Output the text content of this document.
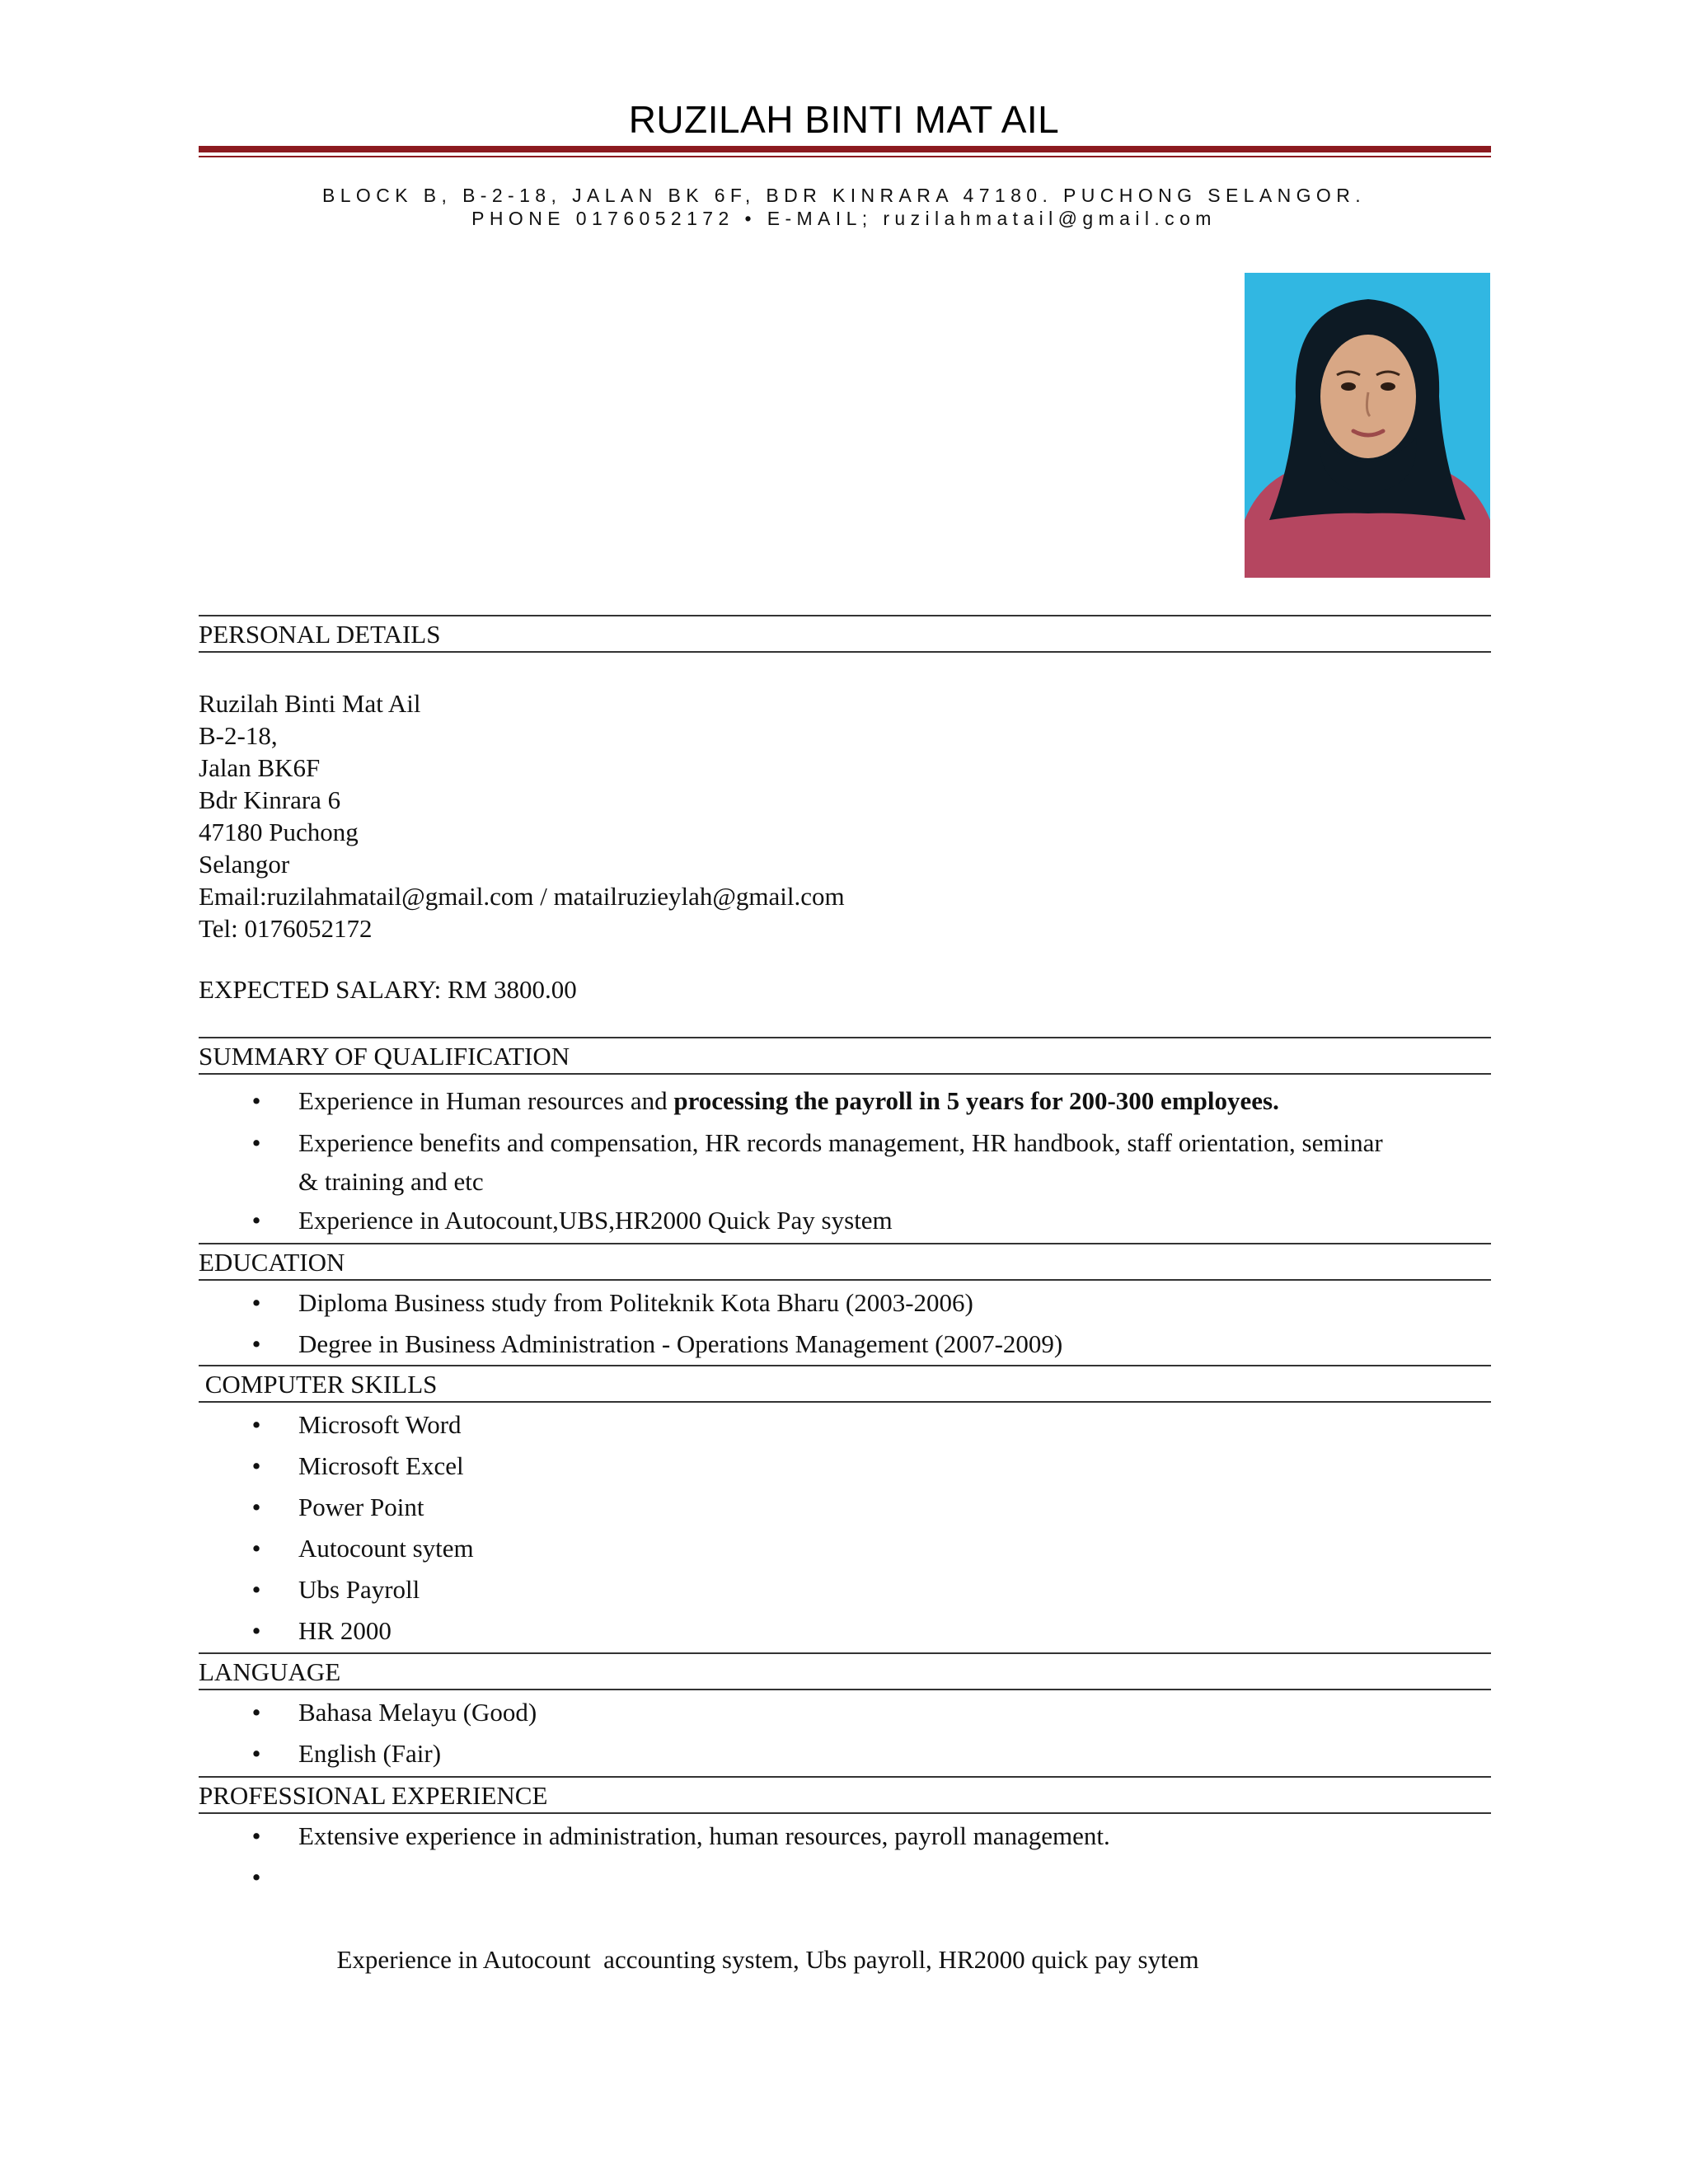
RUZILAH BINTI MAT AIL
BLOCK B, B-2-18, JALAN BK 6F, BDR KINRARA 47180. PUCHONG SELANGOR.
PHONE 0176052172 • E-MAIL; ruzilahmatail@gmail.com
PERSONAL DETAILS
Ruzilah Binti Mat Ail
B-2-18,
Jalan BK6F
Bdr Kinrara 6
47180 Puchong
Selangor
Email:ruzilahmatail@gmail.com / matailruzieylah@gmail.com
Tel: 0176052172
EXPECTED SALARY: RM 3800.00
SUMMARY OF QUALIFICATION
• Experience in Human resources and processing the payroll in 5 years for 200-300 employees.
• Experience benefits and compensation, HR records management, HR handbook, staff orientation, seminar
& training and etc
• Experience in Autocount,UBS,HR2000 Quick Pay system
EDUCATION
• Diploma Business study from Politeknik Kota Bharu (2003-2006)
• Degree in Business Administration - Operations Management (2007-2009)
COMPUTER SKILLS
• Microsoft Word
• Microsoft Excel
• Power Point
• Autocount sytem
• Ubs Payroll
• HR 2000
LANGUAGE
• Bahasa Melayu (Good)
• English (Fair)
PROFESSIONAL EXPERIENCE
• Extensive experience in administration, human resources, payroll management.

•

Experience in Autocount  accounting system, Ubs payroll, HR2000 quick pay sytem
